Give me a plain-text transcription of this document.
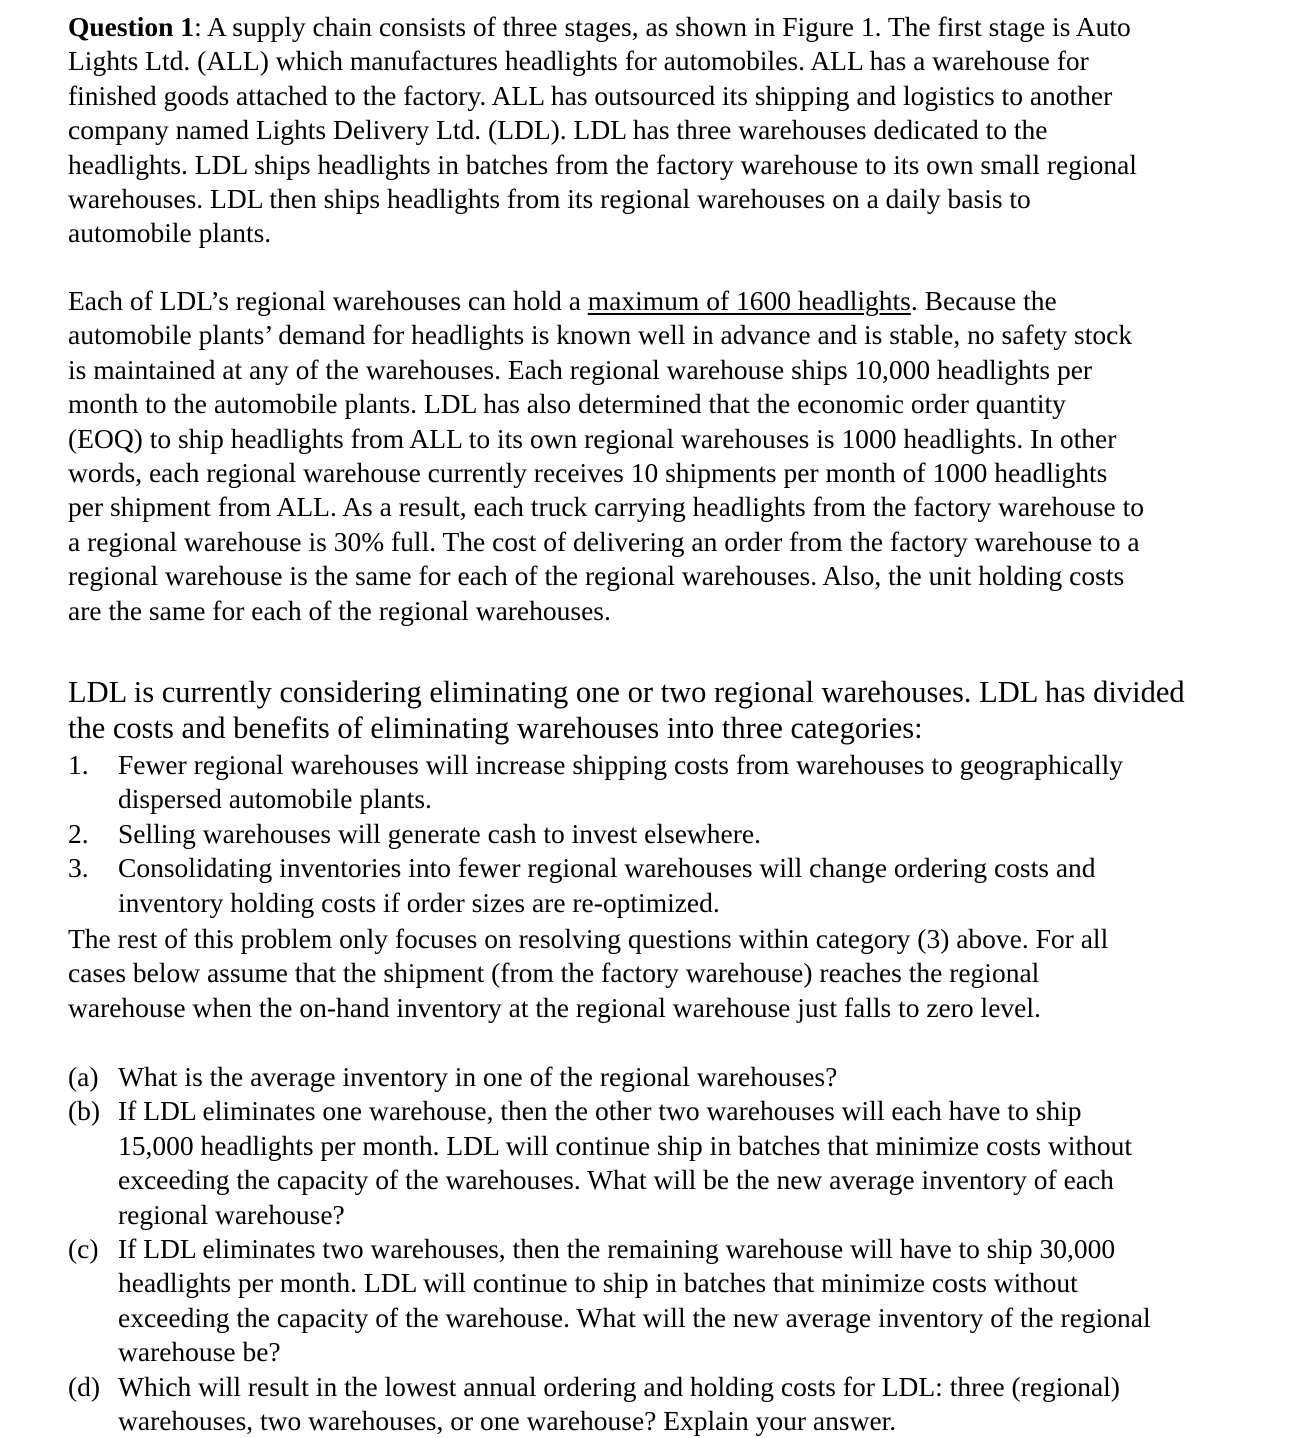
Question 1: A supply chain consists of three stages, as shown in Figure 1. The first stage is Auto
Lights Ltd. (ALL) which manufactures headlights for automobiles. ALL has a warehouse for
finished goods attached to the factory. ALL has outsourced its shipping and logistics to another
company named Lights Delivery Ltd. (LDL). LDL has three warehouses dedicated to the
headlights. LDL ships headlights in batches from the factory warehouse to its own small regional
warehouses. LDL then ships headlights from its regional warehouses on a daily basis to
automobile plants.
Each of LDL’s regional warehouses can hold a maximum of 1600 headlights. Because the
automobile plants’ demand for headlights is known well in advance and is stable, no safety stock
is maintained at any of the warehouses. Each regional warehouse ships 10,000 headlights per
month to the automobile plants. LDL has also determined that the economic order quantity
(EOQ) to ship headlights from ALL to its own regional warehouses is 1000 headlights. In other
words, each regional warehouse currently receives 10 shipments per month of 1000 headlights
per shipment from ALL. As a result, each truck carrying headlights from the factory warehouse to
a regional warehouse is 30% full. The cost of delivering an order from the factory warehouse to a
regional warehouse is the same for each of the regional warehouses. Also, the unit holding costs
are the same for each of the regional warehouses.
LDL is currently considering eliminating one or two regional warehouses. LDL has divided
the costs and benefits of eliminating warehouses into three categories:
1. Fewer regional warehouses will increase shipping costs from warehouses to geographically
dispersed automobile plants.
2. Selling warehouses will generate cash to invest elsewhere.
3. Consolidating inventories into fewer regional warehouses will change ordering costs and
inventory holding costs if order sizes are re-optimized.
The rest of this problem only focuses on resolving questions within category (3) above. For all
cases below assume that the shipment (from the factory warehouse) reaches the regional
warehouse when the on-hand inventory at the regional warehouse just falls to zero level.
(a) What is the average inventory in one of the regional warehouses?
(b) If LDL eliminates one warehouse, then the other two warehouses will each have to ship
15,000 headlights per month. LDL will continue ship in batches that minimize costs without
exceeding the capacity of the warehouses. What will be the new average inventory of each
regional warehouse?
(c) If LDL eliminates two warehouses, then the remaining warehouse will have to ship 30,000
headlights per month. LDL will continue to ship in batches that minimize costs without
exceeding the capacity of the warehouse. What will the new average inventory of the regional
warehouse be?
(d) Which will result in the lowest annual ordering and holding costs for LDL: three (regional)
warehouses, two warehouses, or one warehouse? Explain your answer.
